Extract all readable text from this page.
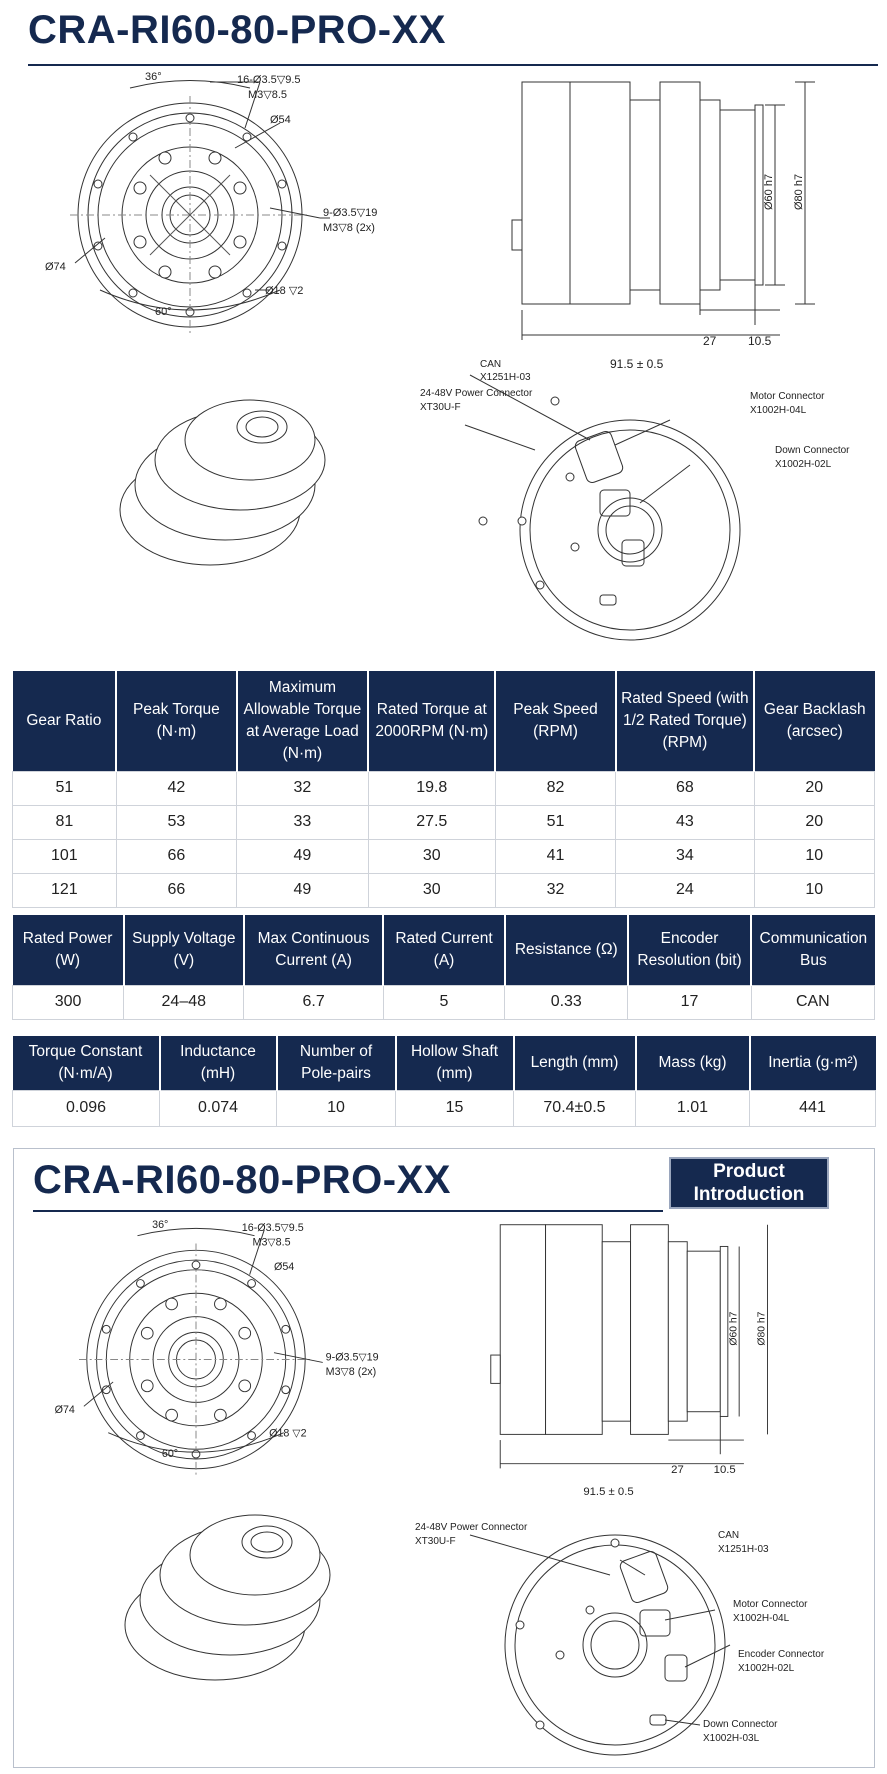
CRA-RI60-80-PRO-XX
36°	16-Ø3.5▽9.5
M3▽8.5
Ø54
9-Ø3.5▽19
M3▽8 (2x)
Ø74
Ø18 ▽2
60°
Ø60 h7 Ø80 h7
27	10.5
91.5 ± 0.5
CAN
X1251H-03
24-48V Power Connector
XT30U-F
Motor Connector
X1002H-04L
Down Connector
X1002H-02L
Gear Ratio	Peak Torque (N·m)	Maximum Allowable Torque at Average Load (N·m)	Rated Torque at 2000RPM (N·m)	Peak Speed (RPM)	Rated Speed (with 1/2 Rated Torque) (RPM)	Gear Backlash (arcsec)
51	42	32	19.8	82	68	20
81	53	33	27.5	51	43	20
101	66	49	30	41	34	10
121	66	49	30	32	24	10
Rated Power (W)	Supply Voltage (V)	Max Continuous Current (A)	Rated Current (A)	Resistance (Ω)	Encoder Resolution (bit)	Communication Bus
300	24–48	6.7	5	0.33	17	CAN
Torque Constant (N·m/A)	Inductance (mH)	Number of Pole-pairs	Hollow Shaft (mm)	Length (mm)	Mass (kg)	Inertia (g·m²)
0.096	0.074	10	15	70.4±0.5	1.01	441
CRA-RI60-80-PRO-XX	Product Introduction
36°	16-Ø3.5▽9.5
M3▽8.5
Ø54
9-Ø3.5▽19
M3▽8 (2x)
Ø74
Ø18 ▽2
60°
Ø60 h7 Ø80 h7
27 10.5
91.5 ± 0.5
24-48V Power Connector
XT30U-F
CAN
X1251H-03
Motor Connector
X1002H-04L
Encoder Connector
X1002H-02L
Down Connector
X1002H-03L
